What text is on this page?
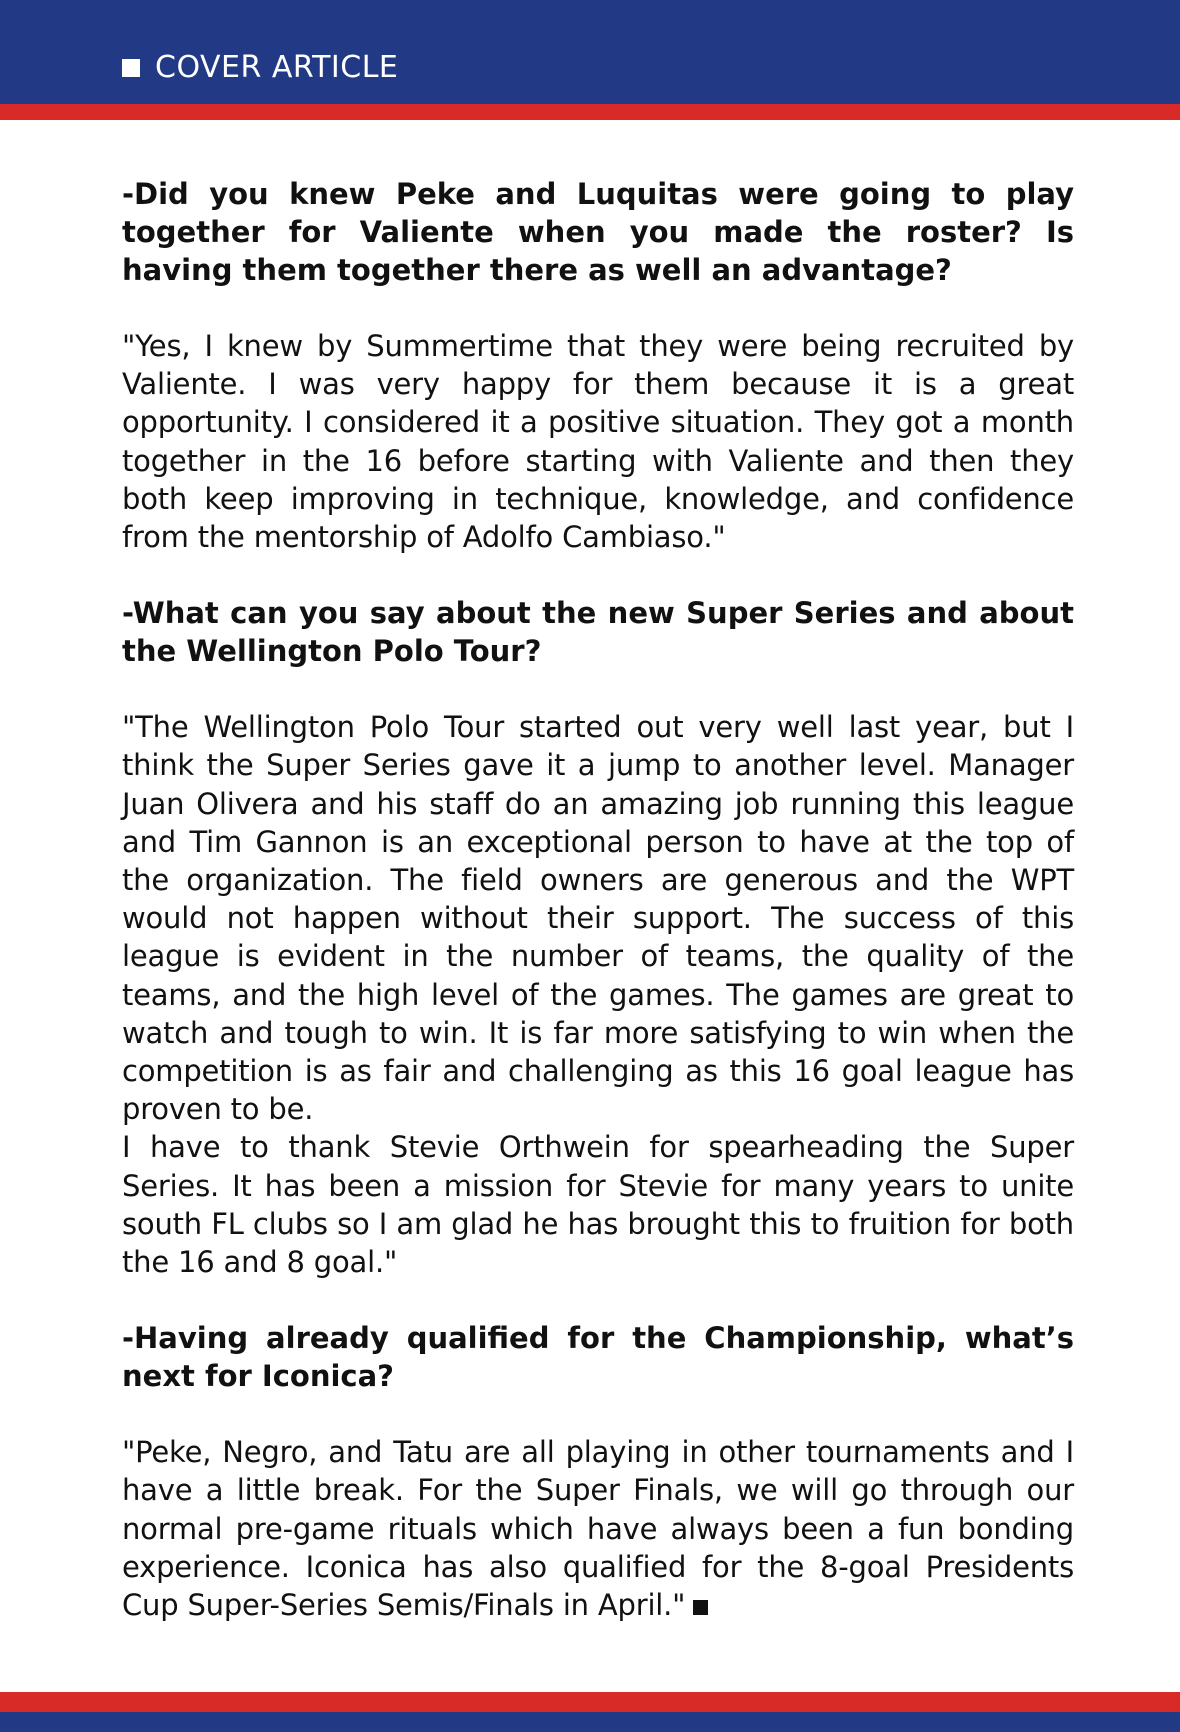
COVER ARTICLE

-Did you knew Peke and Luquitas were going to play together for Valiente when you made the roster? Is having them together there as well an advantage?

"Yes, I knew by Summertime that they were being recruited by Valiente. I was very happy for them because it is a great opportunity. I considered it a positive situation. They got a month together in the 16 before starting with Valiente and then they both keep improving in technique, knowledge, and confidence from the mentorship of Adolfo Cambiaso."

-What can you say about the new Super Series and about the Wellington Polo Tour?

"The Wellington Polo Tour started out very well last year, but I think the Super Series gave it a jump to another level. Manager Juan Olivera and his staff do an amazing job running this league and Tim Gannon is an exceptional person to have at the top of the organization. The field owners are generous and the WPT would not happen without their support. The success of this league is evident in the number of teams, the quality of the teams, and the high level of the games. The games are great to watch and tough to win. It is far more satisfying to win when the competition is as fair and challenging as this 16 goal league has proven to be.

I have to thank Stevie Orthwein for spearheading the Super Series. It has been a mission for Stevie for many years to unite south FL clubs so I am glad he has brought this to fruition for both the 16 and 8 goal."

-Having already qualified for the Championship, what’s next for Iconica?

"Peke, Negro, and Tatu are all playing in other tournaments and I have a little break. For the Super Finals, we will go through our normal pre-game rituals which have always been a fun bonding experience. Iconica has also qualified for the 8-goal Presidents Cup Super-Series Semis/Finals in April."
